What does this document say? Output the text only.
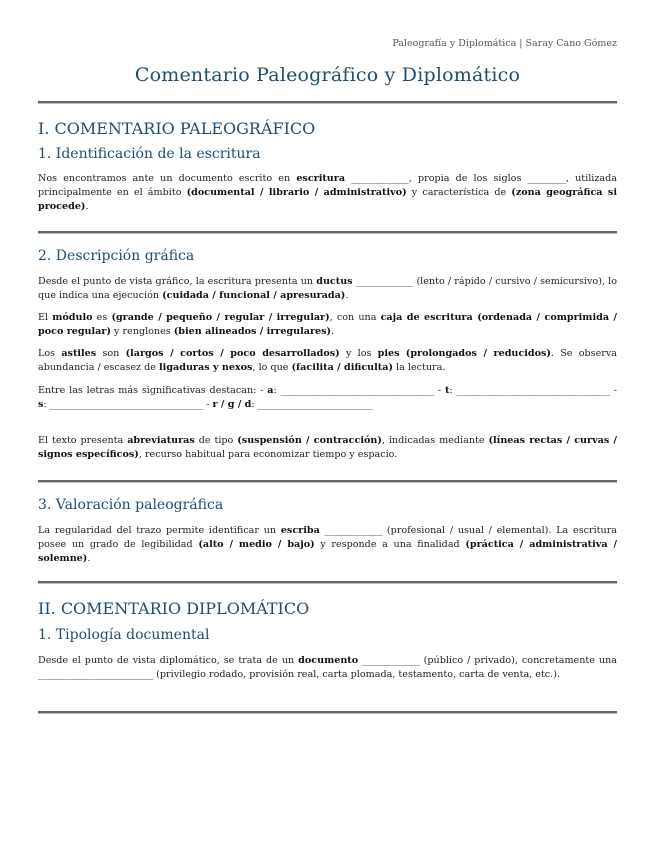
Paleografía y Diplomática | Saray Cano Gómez
Comentario Paleográfico y Diplomático
I. COMENTARIO PALEOGRÁFICO
1. Identificación de la escritura
Nos encontramos ante un documento escrito en escritura ____________, propia de los siglos ________, utilizada principalmente en el ámbito (documental / librario / administrativo) y característica de (zona geográfica si procede).
2. Descripción gráfica
Desde el punto de vista gráfico, la escritura presenta un ductus ____________ (lento / rápido / cursivo / semicursivo), lo que indica una ejecución (cuidada / funcional / apresurada).
El módulo es (grande / pequeño / regular / irregular), con una caja de escritura (ordenada / comprimida / poco regular) y renglones (bien alineados / irregulares).
Los astiles son (largos / cortos / poco desarrollados) y los pies (prolongados / reducidos). Se observa abundancia / escasez de ligaduras y nexos, lo que (facilita / dificulta) la lectura.
Entre las letras más significativas destacan: - a: ________________________________ - t: ________________________________ - s: ________________________________ - r / g / d: ________________________
El texto presenta abreviaturas de tipo (suspensión / contracción), indicadas mediante (líneas rectas / curvas / signos específicos), recurso habitual para economizar tiempo y espacio.
3. Valoración paleográfica
La regularidad del trazo permite identificar un escriba ____________ (profesional / usual / elemental). La escritura posee un grado de legibilidad (alto / medio / bajo) y responde a una finalidad (práctica / administrativa / solemne).
II. COMENTARIO DIPLOMÁTICO
1. Tipología documental
Desde el punto de vista diplomático, se trata de un documento ____________ (público / privado), concretamente una ________________________ (privilegio rodado, provisión real, carta plomada, testamento, carta de venta, etc.).
